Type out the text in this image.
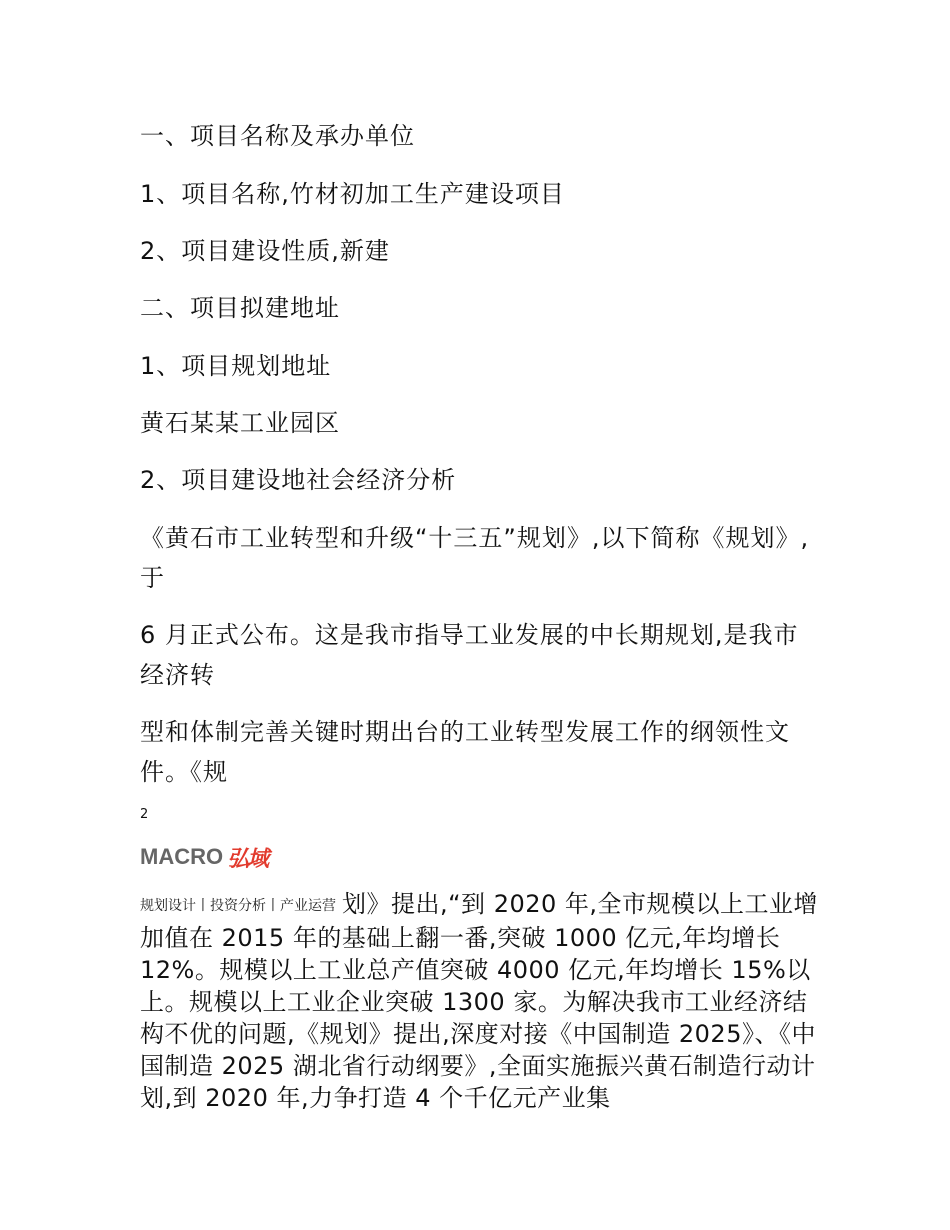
一、项目名称及承办单位
1、项目名称,竹材初加工生产建设项目
2、项目建设性质,新建
二、项目拟建地址
1、项目规划地址
黄石某某工业园区
2、项目建设地社会经济分析
《黄石市工业转型和升级“十三五”规划》,以下简称《规划》,于
6 月正式公布。这是我市指导工业发展的中长期规划,是我市经济转
型和体制完善关键时期出台的工业转型发展工作的纲领性文件。《规
2
MACRO 弘域
规划设计丨投资分析丨产业运营 划》提出,“到 2020 年,全市规模以上工业增加值在 2015 年的基础上翻一番,突破 1000 亿元,年均增长 12%。规模以上工业总产值突破 4000 亿元,年均增长 15%以上。规模以上工业企业突破 1300 家。为解决我市工业经济结构不优的问题,《规划》提出,深度对接《中国制造 2025》、《中国制造 2025 湖北省行动纲要》,全面实施振兴黄石制造行动计划,到 2020 年,力争打造 4 个千亿元产业集
